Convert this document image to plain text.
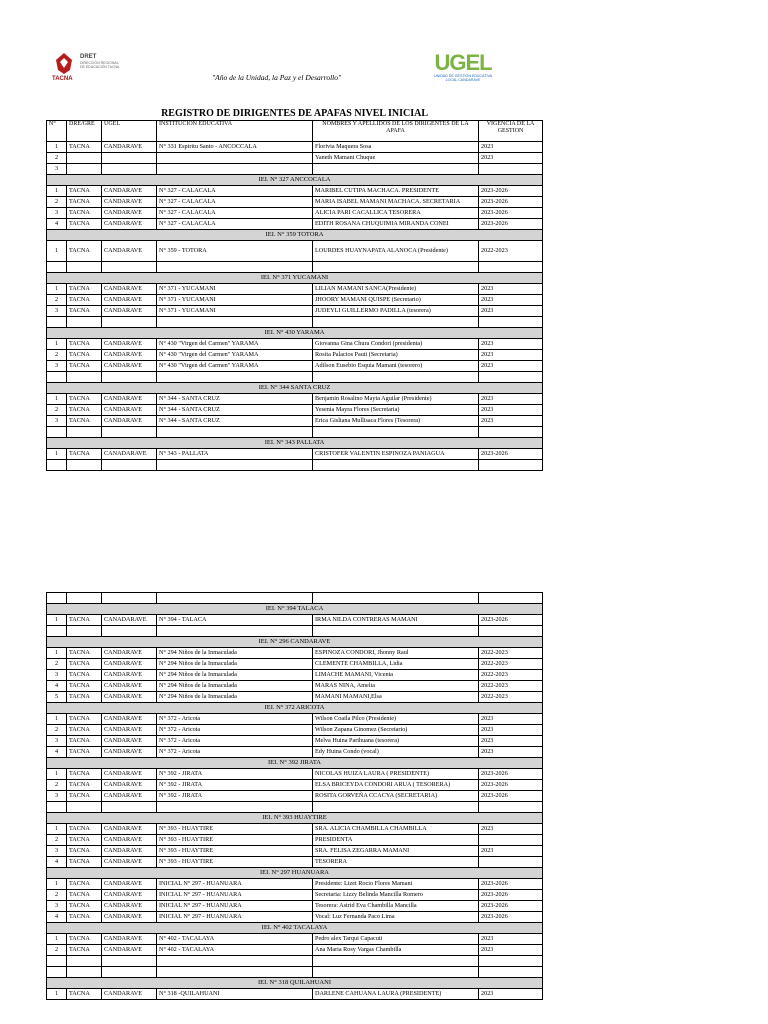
TACNA
DRET
DIRECCIÓN REGIONAL DE EDUCACIÓN TACNA
"Año de la Unidad, la Paz y el Desarrollo"
UGEL
UNIDAD DE GESTIÓN EDUCATIVA
LOCAL CANDARAVE
REGISTRO DE DIRIGENTES DE APAFAS NIVEL INICIAL					
N°	DRE/GRE	UGEL	INSTITUCION EDUCATIVA	NOMBRES Y APELLIDOS DE LOS DIRIGENTES DE LA APAFA	VIGENCIA DE LA GESTION
1	TACNA	CANDARAVE	N° 331 Espiritu Santo - ANCOCCALA	Florivia Maquera Sosa	2023
2				Yaneth Mamani Chuque	2023
3					
IEI. N° 327 ANCCOCALA					
1	TACNA	CANDARAVE	N° 327 - CALACALA	MARIBEL CUTIPA MACHACA. PRESIDENTE	2023-2026
2	TACNA	CANDARAVE	N° 327 - CALACALA	MARIA ISABEL MAMANI MACHACA. SECRETARIA	2023-2026
3	TACNA	CANDARAVE	N° 327 - CALACALA	ALICIA PARI CACALLICA TESORERA	2023-2026
4	TACNA	CANDARAVE	N° 327 - CALACALA	EDITH ROSANA CHUQUIMIA MIRANDA CONEI	2023-2026
IEI. N° 359 TOTORA					
1	TACNA	CANDARAVE	N° 359 - TOTORA	LOURDES HUAYNAPATA ALANOCA (Presidente)	2022-2023

IEI. N° 371 YUCAMANI					
1	TACNA	CANDARAVE	N° 371 - YUCAMANI	LILIAN MAMANI SANCA(Presidente)	2023
2	TACNA	CANDARAVE	N° 371 - YUCAMANI	JHOORY MAMANI QUISPE (Secretario)	2023
3	TACNA	CANDARAVE	N° 371 - YUCAMANI	JUDEYLI GUILLERMO PADILLA (tesorera)	2023

IEI. N° 430 YARAMA					
1	TACNA	CANDARAVE	N° 430 "Virgen del Carmen" YARAMA	Giovanna Gina Chura Condori (presidenta)	2023
2	TACNA	CANDARAVE	N° 430 "Virgen del Carmen" YARAMA	Rosita Palacios Pauti (Secretaria)	2023
3	TACNA	CANDARAVE	N° 430 "Virgen del Carmen" YARAMA	Adilson Eusebio Esquia Mamani (tesorero)	2023

IEI. N° 344 SANTA CRUZ					
1	TACNA	CANDARAVE	N° 344 - SANTA CRUZ	Benjamin Rosalino Mayta Aguilar (Presidente)	2023
2	TACNA	CANDARAVE	N° 344 - SANTA CRUZ	Yesenia Mayra Flores (Secretaria)	2023
3	TACNA	CANDARAVE	N° 344 - SANTA CRUZ	Erica Gisliana Mullisaca Flores (Tesorera)	2023

IEI. N° 343 PALLATA					
1	TACNA	CANADARAVE	N° 343 - PALLATA	CRISTOFER VALENTIN ESPINOZA PANIAGUA	2023-2026

IEI. N° 394 TALACA					
1	TACNA	CANADARAVE	N° 394 - TALACA	IRMA NILDA CONTRERAS MAMANI	2023-2026

IEI. N° 296 CANDARAVE					
1	TACNA	CANDARAVE	N° 294 Niños de la Inmaculada	ESPINOZA CONDORI, Jhonny Raul	2022-2023
2	TACNA	CANDARAVE	N° 294 Niños de la Inmaculada	CLEMENTE CHAMBILLA, Lidia	2022-2023
3	TACNA	CANDARAVE	N° 294 Niños de la Inmaculada	LIMACHE MAMANI, Vicenta	2022-2023
4	TACNA	CANDARAVE	N° 294 Niños de la Inmaculada	MARAS NINA, Amelia	2022-2023
5	TACNA	CANDARAVE	N° 294 Niños de la Inmaculada	MAMANI MAMANI,Elsa	2022-2023
IEI. N° 372 ARICOTA					
1	TACNA	CANDARAVE	N° 372 - Aricota	Wilson Coaila Pilco (Presidente)	2023
2	TACNA	CANDARAVE	N° 372 - Aricota	Wilson Zapana Ginomez (Secretario)	2023
3	TACNA	CANDARAVE	N° 372 - Aricota	Melva Huina Parihuana (tesorera)	2023
4	TACNA	CANDARAVE	N° 372 - Aricota	Edy Huina Condo (vocal)	2023
IEI. N° 392 JIRATA					
1	TACNA	CANDARAVE	N° 392 - JIRATA	NICOLAS HUIZA LAURA ( PRESIDENTE)	2023-2026
2	TACNA	CANDARAVE	N° 392 - JIRATA	ELSA BRICEYDA CONDORI ARUA ( TESORERA)	2023-2026
3	TACNA	CANDARAVE	N° 392 - JIRATA	ROSITA GORVEÑA CCACYA (SECRETARIA)	2023-2026

IEI. N° 393 HUAYTIRE					
1	TACNA	CANDARAVE	N° 393 - HUAYTIRE	SRA. ALICIA CHAMBILLA CHAMBILLA	2023
2	TACNA	CANDARAVE	N° 393 - HUAYTIRE	PRESIDENTA	
3	TACNA	CANDARAVE	N° 393 - HUAYTIRE	SRA. FELISA ZEGARRA MAMANI	2023
4	TACNA	CANDARAVE	N° 393 - HUAYTIRE	TESORERA	
IEI. N° 297 HUANUARA					
1	TACNA	CANDARAVE	INICIAL N° 297 - HUANUARA	Presidente: Lizet Rocio Flores Mamani	2023-2026
2	TACNA	CANDARAVE	INICIAL N° 297 - HUANUARA	Secretaria: Lizzy Belinda Mancilla Romero	2023-2026
3	TACNA	CANDARAVE	INICIAL N° 297 - HUANUARA	Tesorera: Astrid Eva Chambilla Mancilla	2023-2026
4	TACNA	CANDARAVE	INICIAL N° 297 - HUANUARA	Vocal: Luz Fernanda Paco Lima	2023-2026
IEI. N° 402 TACALAYA					
1	TACNA	CANDARAVE	N° 402 - TACALAYA	Pedro alex Tarqui Capacuti	2023
2	TACNA	CANDARAVE	N° 402 - TACALAYA	Ana Maria Rosy Vargas Chambilla	2023

IEI. N° 318 QUILAHUANI					
1	TACNA	CANDARAVE	N° 318 -QUILAHUANI	DARLENE CAHUANA LAURA (PRESIDENTE)	2023
